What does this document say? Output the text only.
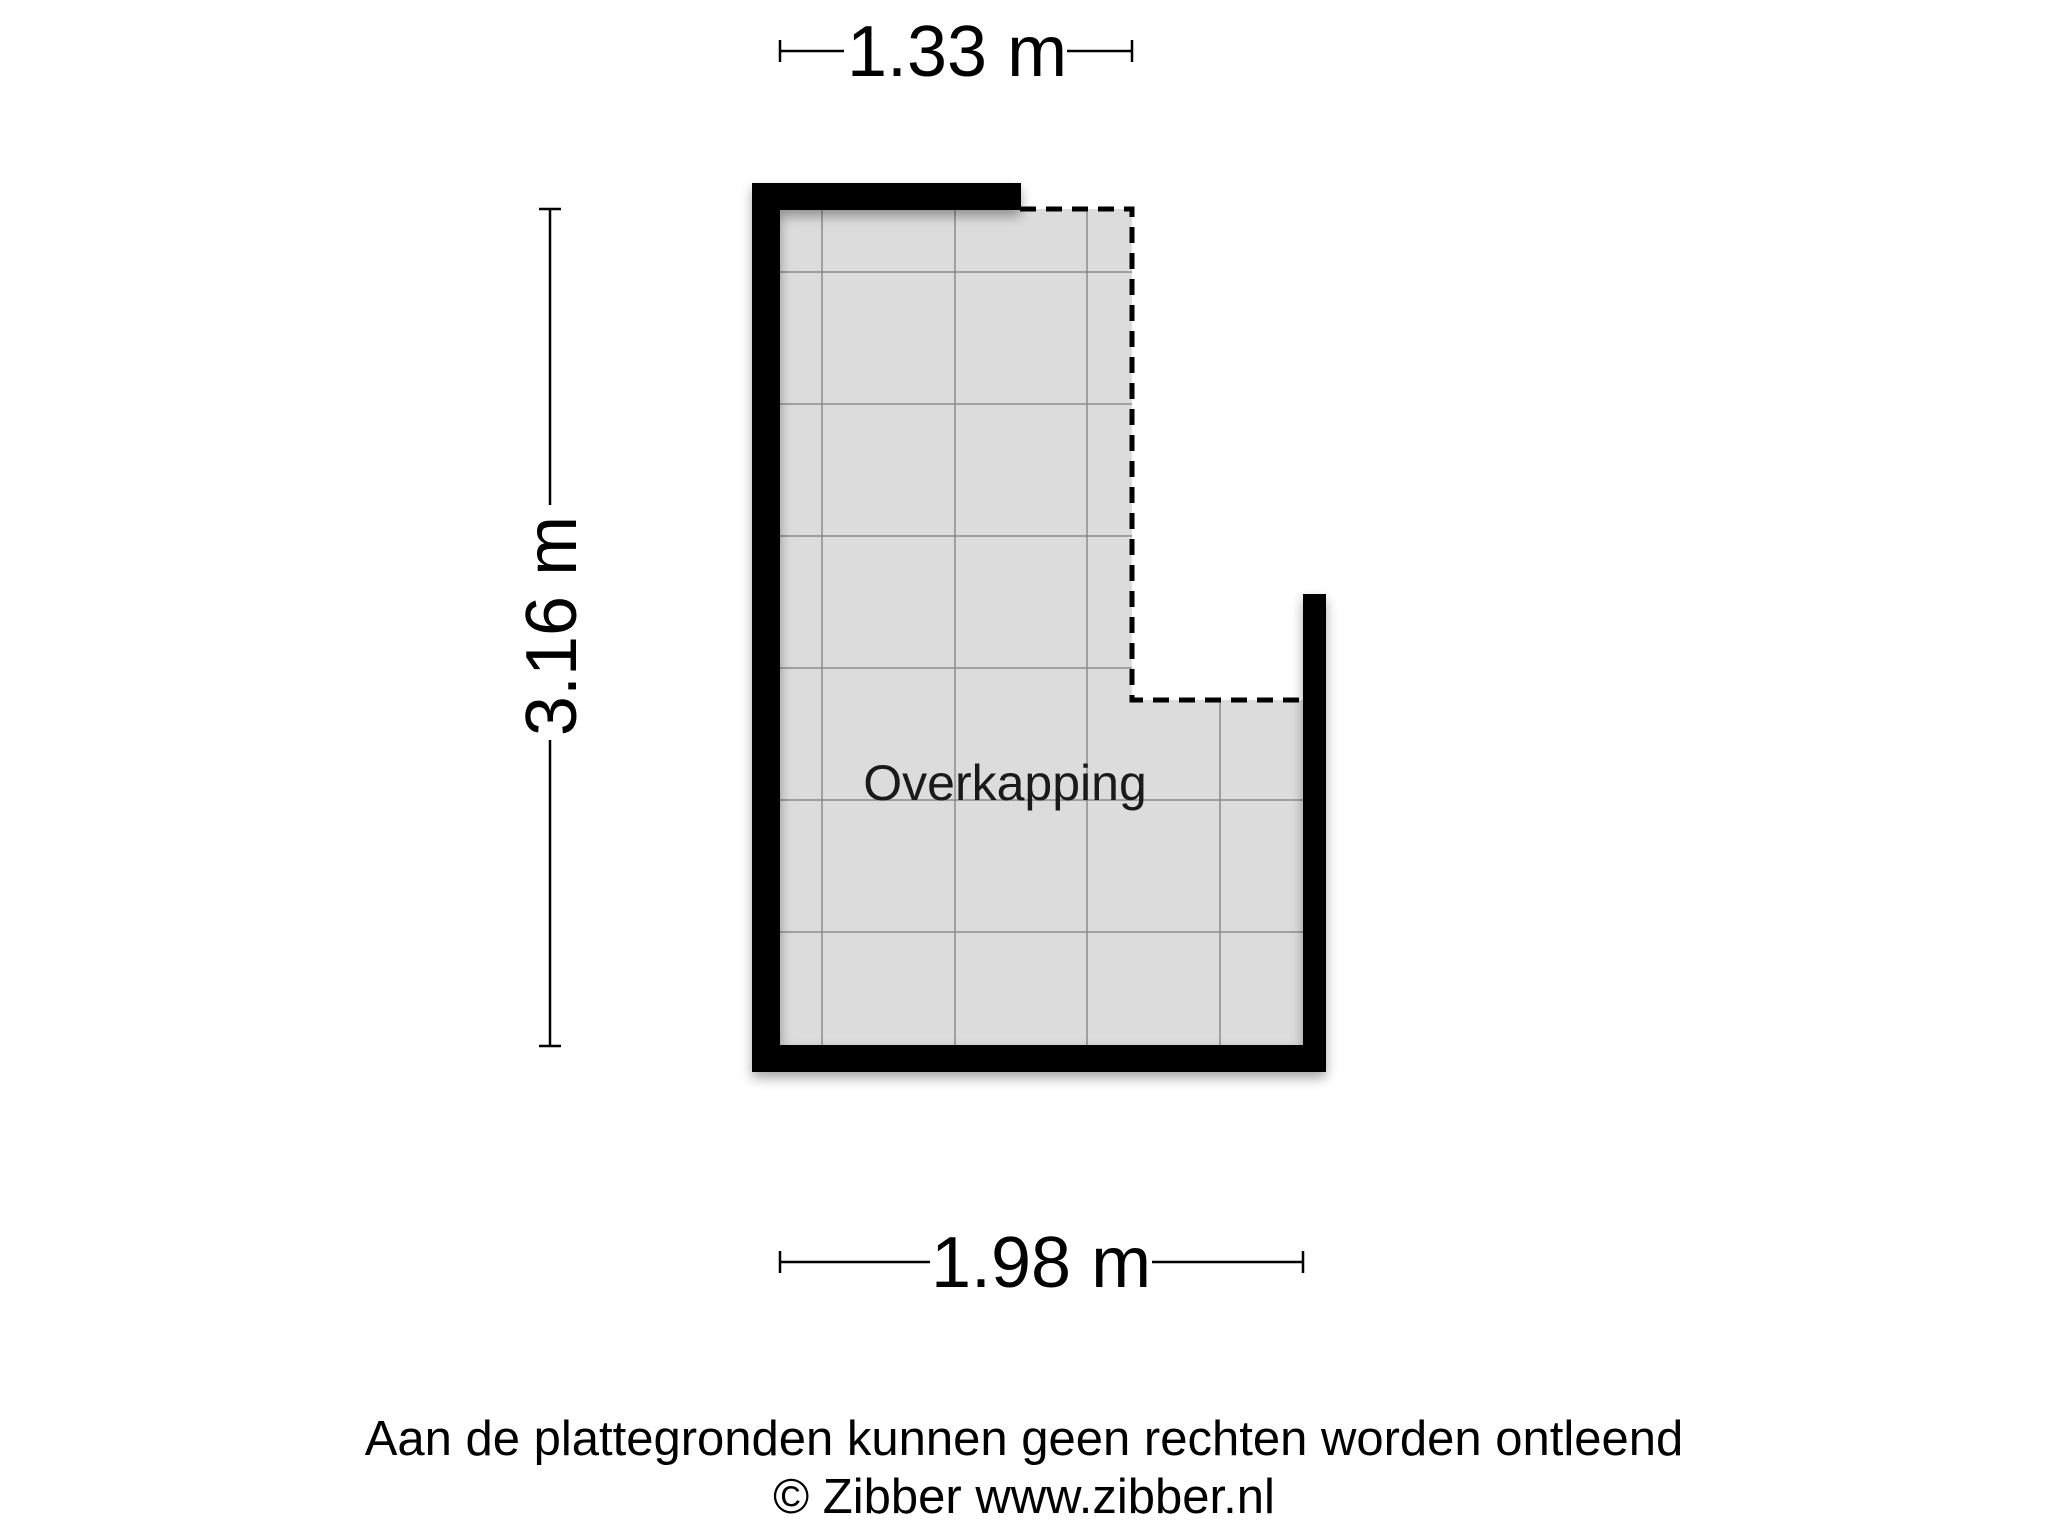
Overkapping
1.33 m
3.16 m
1.98 m
Aan de plattegronden kunnen geen rechten worden ontleend
© Zibber www.zibber.nl
